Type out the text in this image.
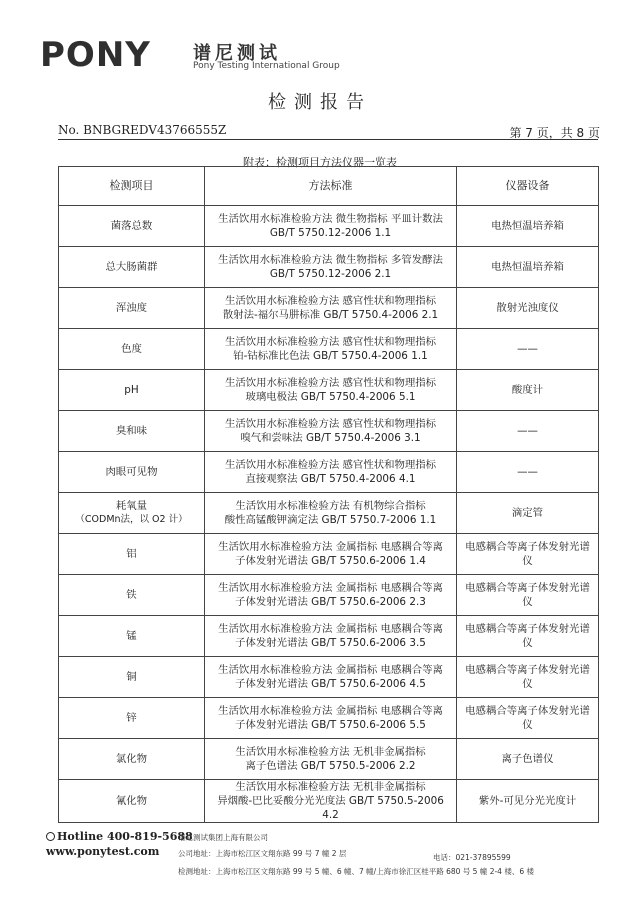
PONY 谱尼测试
Pony Testing International Group
检测报告
No. BNBGREDV43766555Z	第 7 页，共 8 页
附表：检测项目方法仪器一览表
检测项目	方法标准	仪器设备
菌落总数	生活饮用水标准检验方法 微生物指标 平皿计数法
GB/T 5750.12-2006 1.1	电热恒温培养箱
总大肠菌群	生活饮用水标准检验方法 微生物指标 多管发酵法
GB/T 5750.12-2006 2.1	电热恒温培养箱
浑浊度	生活饮用水标准检验方法 感官性状和物理指标
散射法-福尔马肼标准 GB/T 5750.4-2006 2.1	散射光浊度仪
色度	生活饮用水标准检验方法 感官性状和物理指标
铂-钴标准比色法 GB/T 5750.4-2006 1.1	——
pH	生活饮用水标准检验方法 感官性状和物理指标
玻璃电极法 GB/T 5750.4-2006 5.1	酸度计
臭和味	生活饮用水标准检验方法 感官性状和物理指标
嗅气和尝味法 GB/T 5750.4-2006 3.1	——
肉眼可见物	生活饮用水标准检验方法 感官性状和物理指标
直接观察法 GB/T 5750.4-2006 4.1	——

耗氧量
（CODMn法，以 O2 计）	生活饮用水标准检验方法 有机物综合指标
酸性高锰酸钾滴定法 GB/T 5750.7-2006 1.1	滴定管
铝	生活饮用水标准检验方法 金属指标 电感耦合等离
子体发射光谱法 GB/T 5750.6-2006 1.4	电感耦合等离子体发射光谱仪
铁	生活饮用水标准检验方法 金属指标 电感耦合等离
子体发射光谱法 GB/T 5750.6-2006 2.3	电感耦合等离子体发射光谱仪
锰	生活饮用水标准检验方法 金属指标 电感耦合等离
子体发射光谱法 GB/T 5750.6-2006 3.5	电感耦合等离子体发射光谱仪
铜	生活饮用水标准检验方法 金属指标 电感耦合等离
子体发射光谱法 GB/T 5750.6-2006 4.5	电感耦合等离子体发射光谱仪
锌	生活饮用水标准检验方法 金属指标 电感耦合等离
子体发射光谱法 GB/T 5750.6-2006 5.5	电感耦合等离子体发射光谱仪
氯化物	生活饮用水标准检验方法 无机非金属指标
离子色谱法 GB/T 5750.5-2006 2.2	离子色谱仪
氰化物	生活饮用水标准检验方法 无机非金属指标
异烟酸-巴比妥酸分光光度法 GB/T 5750.5-2006 4.2	紫外-可见分光光度计
Hotline 400-819-5688
www.ponytest.com
谱尼测试集团上海有限公司
公司地址：上海市松江区文翔东路 99 号 7 幢 2 层	电话：021-37895599
检测地址：上海市松江区文翔东路 99 号 5 幢、6 幢、7 幢/上海市徐汇区桂平路 680 号 5 幢 2-4 楼、6 楼
